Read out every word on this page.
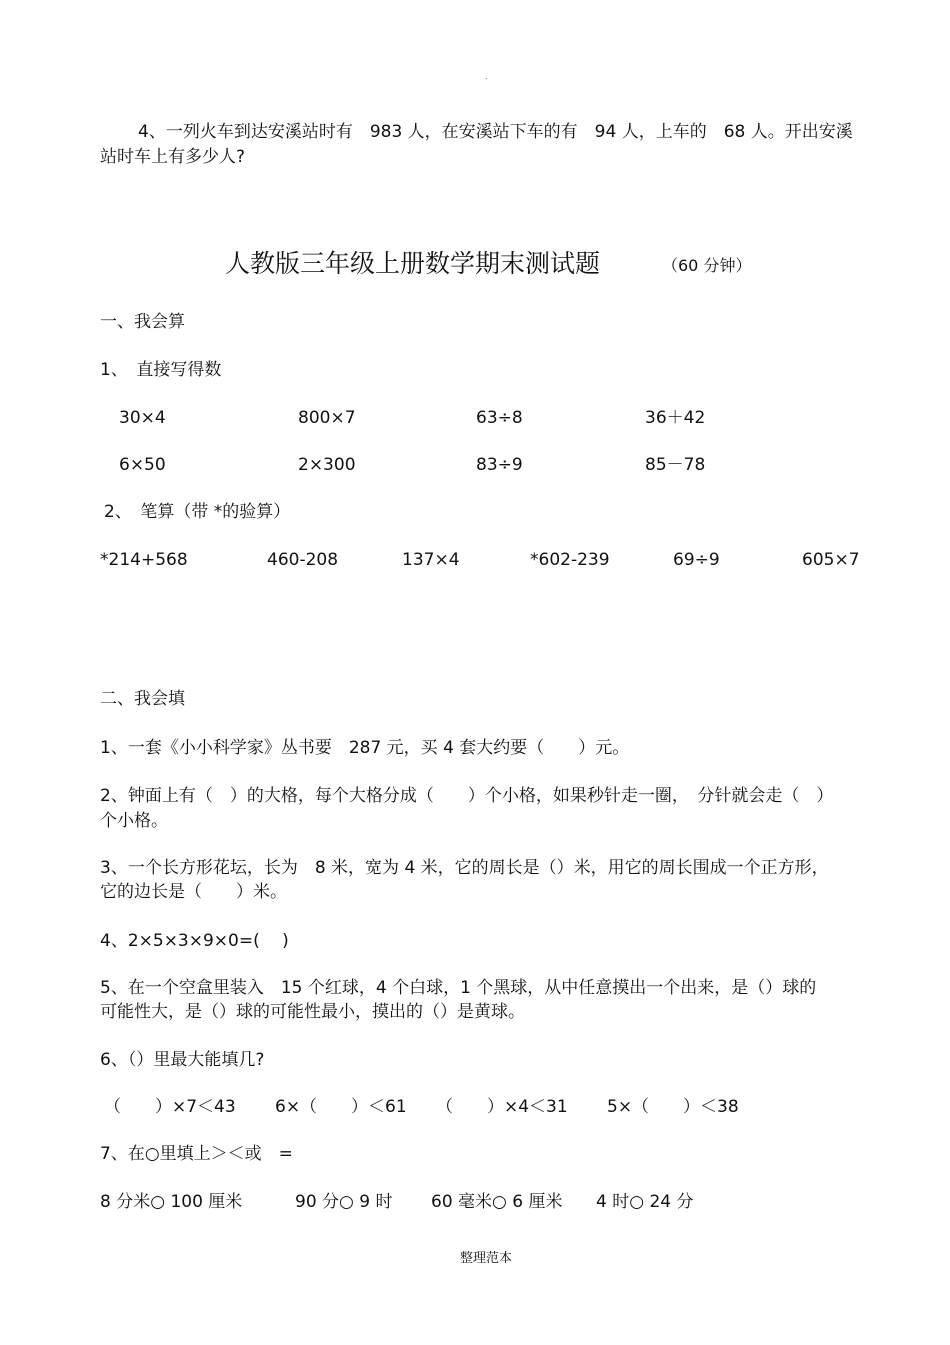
.
4、一列火车到达安溪站时有　983 人，在安溪站下车的有　94 人，上车的　68 人。开出安溪
站时车上有多少人?
人教版三年级上册数学期末测试题	（60 分钟）
一、我会算
1、　直接写得数
30×4	800×7	63÷8	36＋42
6×50	2×300	83÷9	85－78
2、　笔算（带 *的验算）
*214+568	460-208	137×4	*602-239	69÷9	605×7
二、我会填
1、一套《小小科学家》丛书要　287 元，买 4 套大约要（　　）元。
2、钟面上有（　）的大格，每个大格分成（　　）个小格，如果秒针走一圈，　分针就会走（　）
个小格。
3、一个长方形花坛，长为　8 米，宽为 4 米，它的周长是（）米，用它的周长围成一个正方形，
它的边长是（　　）米。
4、2×5×3×9×0=(　 )
5、在一个空盒里装入　15 个红球，4 个白球，1 个黑球，从中任意摸出一个出来，是（）球的
可能性大，是（）球的可能性最小，摸出的（）是黄球。
6、（）里最大能填几?
（　　）×7＜43 6×（　　）＜61 （　　）×4＜31 5×（　　）＜38
7、在○里填上＞＜或　=
8 分米○ 100 厘米	90 分○ 9 时 60 毫米○ 6 厘米 4 时○ 24 分
整理范本
